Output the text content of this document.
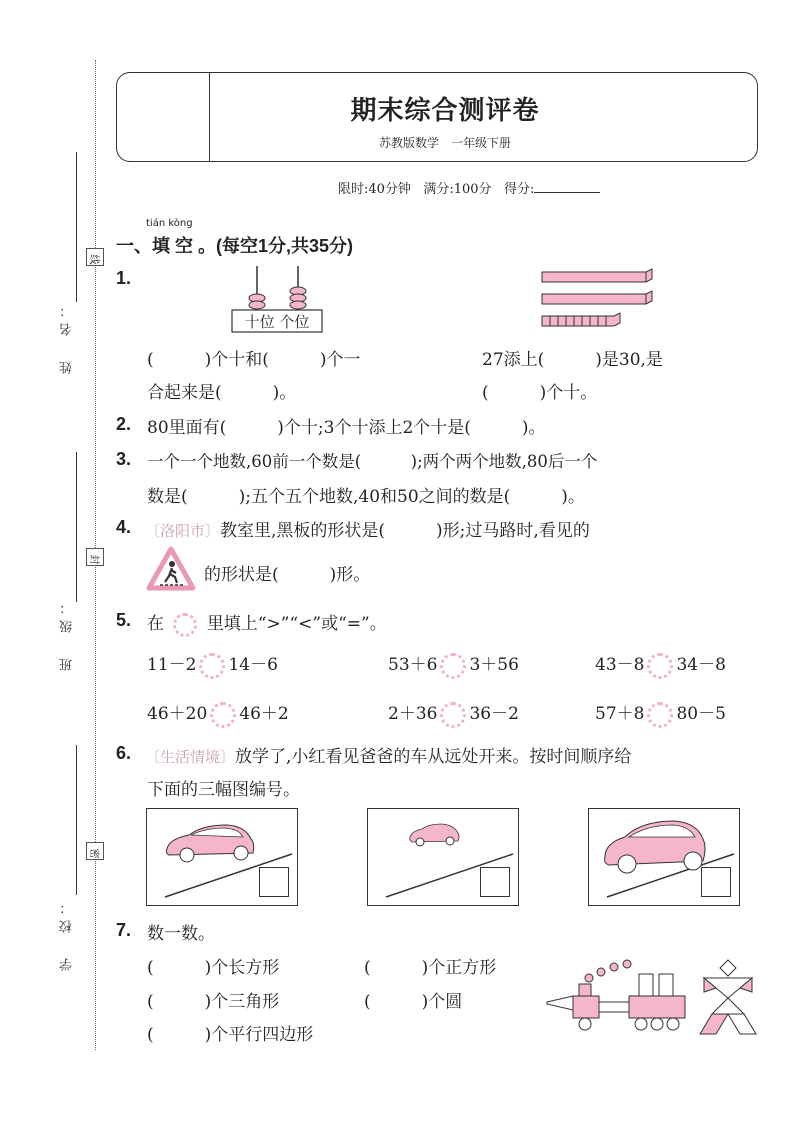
线
封
密
姓　名：
班　级：
学　校：
期末综合测评卷
苏教版数学　一年级下册
限时:40分钟 满分:100分 得分:
tián kòng
一、填 空 。(每空1分,共35分)
1.
十位 个位
(　　　)个十和(　　　)个一
合起来是(　　　)。
27添上(　　　)是30,是
(　　　)个十。
2. 80里面有(　　　)个十;3个十添上2个十是(　　　)。
3. 一个一个地数,60前一个数是(　　　);两个两个地数,80后一个
数是(　　　);五个五个地数,40和50之间的数是(　　　)。
4. 〔洛阳市〕教室里,黑板的形状是(　　　)形;过马路时,看见的
的形状是(　　　)形。
5. 在	里填上“>”“<”或“=”。
11－2 14－6	53＋6 3＋56	43－8 34－8
46＋20 46＋2	2＋36 36－2	57＋8 80－5
6. 〔生活情境〕放学了,小红看见爸爸的车从远处开来。按时间顺序给
下面的三幅图编号。
7. 数一数。
(　　　)个长方形	(　　　)个正方形
(　　　)个三角形	(　　　)个圆
(　　　)个平行四边形
